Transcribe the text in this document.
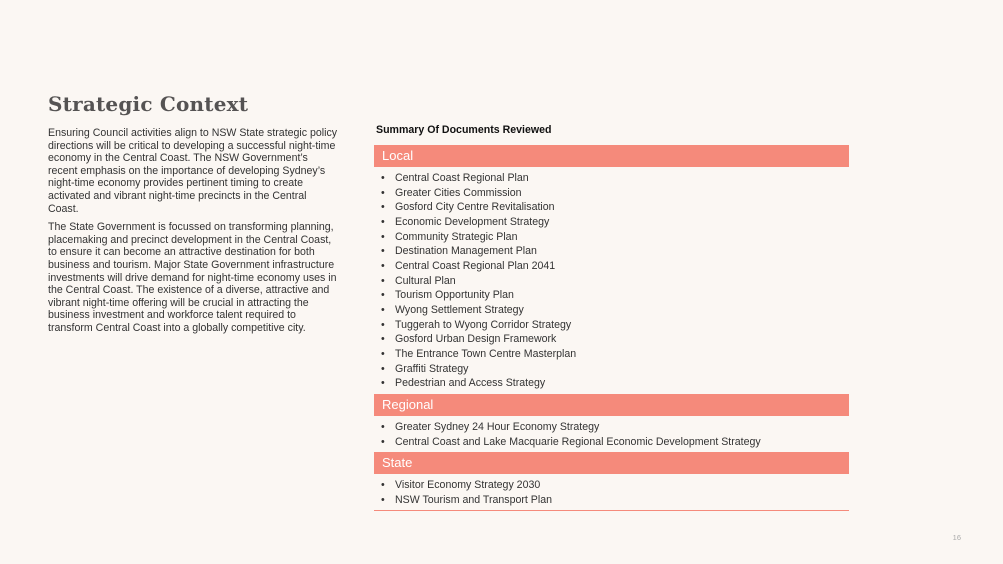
Strategic Context

Ensuring Council activities align to NSW State strategic policy directions will be critical to developing a successful night-time economy in the Central Coast. The NSW Government’s recent emphasis on the importance of developing Sydney’s night-time economy provides pertinent timing to create activated and vibrant night-time precincts in the Central Coast.

The State Government is focussed on transforming planning, placemaking and precinct development in the Central Coast, to ensure it can become an attractive destination for both business and tourism. Major State Government infrastructure investments will drive demand for night-time economy uses in the Central Coast. The existence of a diverse, attractive and vibrant night-time offering will be crucial in attracting the business investment and workforce talent required to transform Central Coast into a globally competitive city.

Summary Of Documents Reviewed
Local
• Central Coast Regional Plan
• Greater Cities Commission
• Gosford City Centre Revitalisation
• Economic Development Strategy
• Community Strategic Plan
• Destination Management Plan
• Central Coast Regional Plan 2041
• Cultural Plan
• Tourism Opportunity Plan
• Wyong Settlement Strategy
• Tuggerah to Wyong Corridor Strategy
• Gosford Urban Design Framework
• The Entrance Town Centre Masterplan
• Graffiti Strategy
• Pedestrian and Access Strategy
Regional
• Greater Sydney 24 Hour Economy Strategy
• Central Coast and Lake Macquarie Regional Economic Development Strategy
State
• Visitor Economy Strategy 2030
• NSW Tourism and Transport Plan
16
